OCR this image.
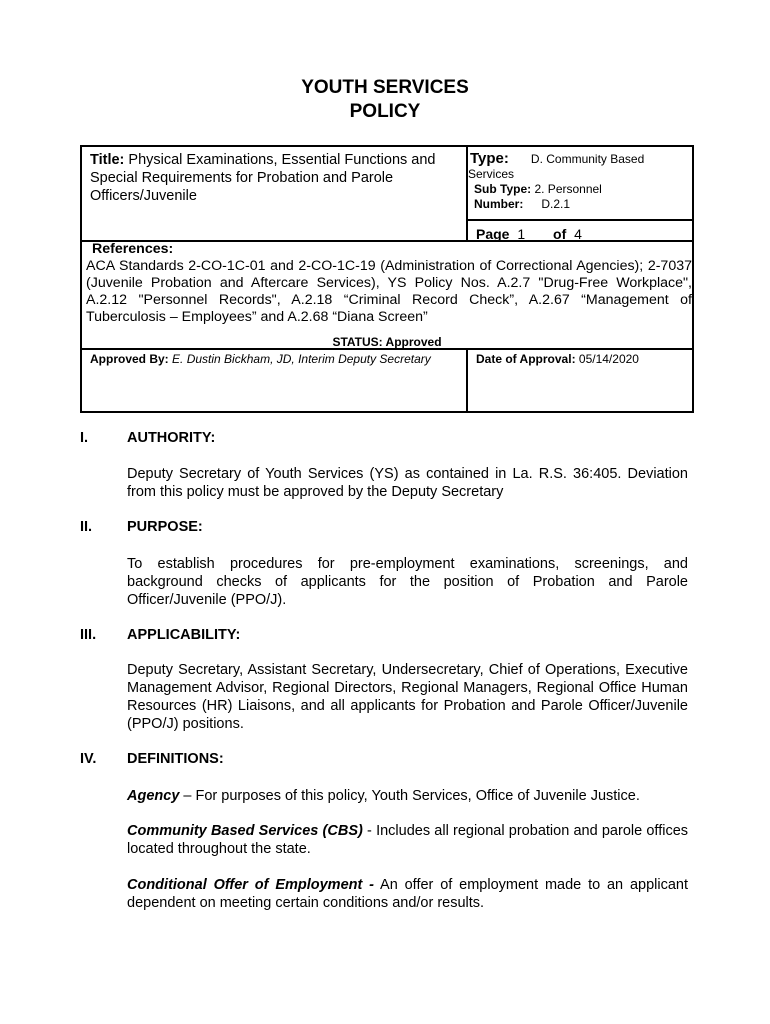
YOUTH SERVICES
POLICY
Title: Physical Examinations, Essential Functions and Special Requirements for Probation and Parole Officers/Juvenile
Type: D. Community Based
Services
Sub Type: 2. Personnel
Number: D.2.1
Page 1 of 4
References:
ACA Standards 2-CO-1C-01 and 2-CO-1C-19 (Administration of Correctional Agencies); 2-7037 (Juvenile Probation and Aftercare Services), YS Policy Nos. A.2.7 "Drug-Free Workplace", A.2.12 "Personnel Records", A.2.18 “Criminal Record Check”, A.2.67 “Management of Tuberculosis – Employees” and A.2.68 “Diana Screen”
STATUS: Approved
Approved By: E. Dustin Bickham, JD, Interim Deputy Secretary	Date of Approval: 05/14/2020
I.	AUTHORITY:
Deputy Secretary of Youth Services (YS) as contained in La. R.S. 36:405. Deviation from this policy must be approved by the Deputy Secretary
II. PURPOSE:
To establish procedures for pre-employment examinations, screenings, and background checks of applicants for the position of Probation and Parole Officer/Juvenile (PPO/J).
III. APPLICABILITY:
Deputy Secretary, Assistant Secretary, Undersecretary, Chief of Operations, Executive Management Advisor, Regional Directors, Regional Managers, Regional Office Human Resources (HR) Liaisons, and all applicants for Probation and Parole Officer/Juvenile (PPO/J) positions.
IV. DEFINITIONS:
Agency – For purposes of this policy, Youth Services, Office of Juvenile Justice.
Community Based Services (CBS) - Includes all regional probation and parole offices located throughout the state.
Conditional Offer of Employment - An offer of employment made to an applicant dependent on meeting certain conditions and/or results.
